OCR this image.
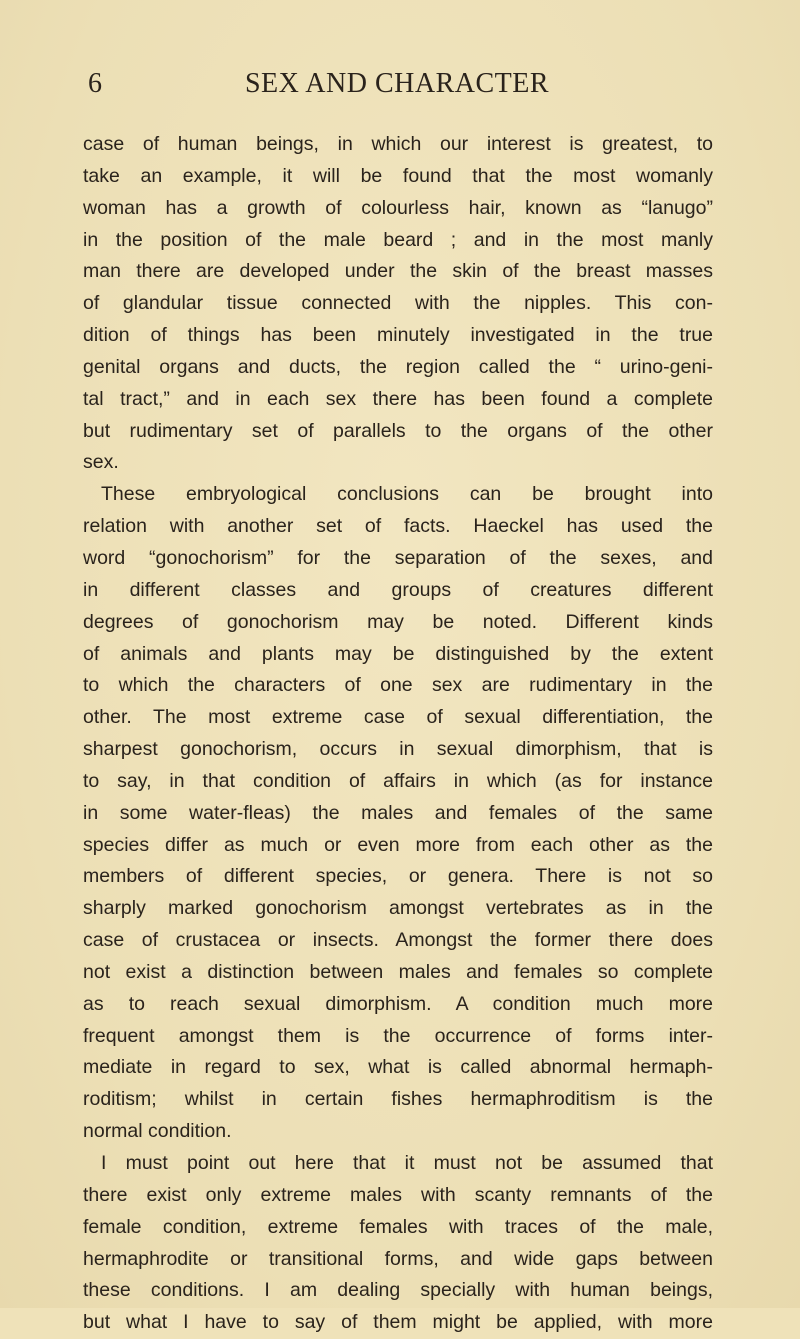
6	SEX AND CHARACTER
case of human beings, in which our interest is greatest, to
take an example, it will be found that the most womanly
woman has a growth of colourless hair, known as “lanugo”
in the position of the male beard ; and in the most manly
man there are developed under the skin of the breast masses
of glandular tissue connected with the nipples. This con-
dition of things has been minutely investigated in the true
genital organs and ducts, the region called the “ urino-geni-
tal tract,” and in each sex there has been found a complete
but rudimentary set of parallels to the organs of the other
sex.
These embryological conclusions can be brought into
relation with another set of facts. Haeckel has used the
word “gonochorism” for the separation of the sexes, and
in different classes and groups of creatures different
degrees of gonochorism may be noted. Different kinds
of animals and plants may be distinguished by the extent
to which the characters of one sex are rudimentary in the
other. The most extreme case of sexual differentiation, the
sharpest gonochorism, occurs in sexual dimorphism, that is
to say, in that condition of affairs in which (as for instance
in some water-fleas) the males and females of the same
species differ as much or even more from each other as the
members of different species, or genera. There is not so
sharply marked gonochorism amongst vertebrates as in the
case of crustacea or insects. Amongst the former there does
not exist a distinction between males and females so complete
as to reach sexual dimorphism. A condition much more
frequent amongst them is the occurrence of forms inter-
mediate in regard to sex, what is called abnormal hermaph-
roditism; whilst in certain fishes hermaphroditism is the
normal condition.
I must point out here that it must not be assumed that
there exist only extreme males with scanty remnants of the
female condition, extreme females with traces of the male,
hermaphrodite or transitional forms, and wide gaps between
these conditions. I am dealing specially with human beings,
but what I have to say of them might be applied, with more
